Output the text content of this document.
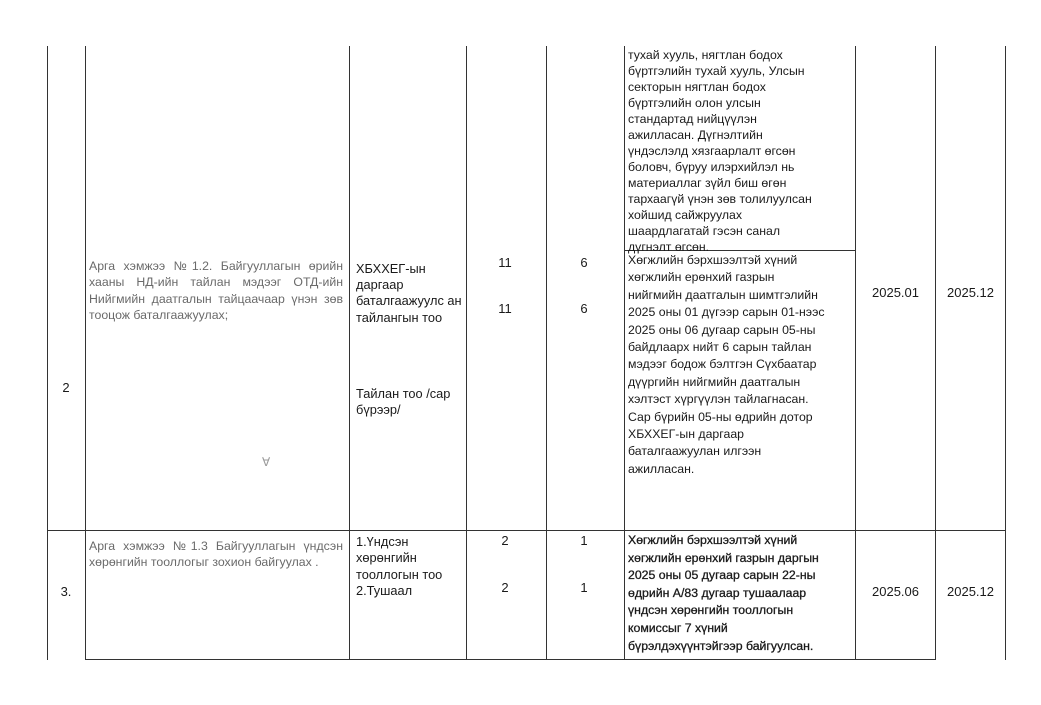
тухай хууль, нягтлан бодох

бүртгэлийн тухай хууль, Улсын

секторын нягтлан бодох

бүртгэлийн олон улсын

стандартад нийцүүлэн

ажилласан. Дүгнэлтийн

үндэслэлд хязгаарлалт өгсөн

боловч, бүруу илэрхийлэл нь

материаллаг зүйл биш өгөн

тархаагүй үнэн зөв толилуулсан

хойшид сайжруулах

шаардлагатай гэсэн санал

дүгнэлт өгсөн.

2

Арга хэмжээ №1.2. Байгууллагын өрийн хааны НД-ийн тайлан мэдээг ОТД-ийн Нийгмийн даатгалын тайцаачаар үнэн зөв тооцож баталгаажуулах;

ХБХХЕГ-ын даргаар баталгаажуулс ан тайлангын тоо
Тайлан тоо /сар бүрээр/
11
11
6
6

Хөгжлийн бэрхшээлтэй хүний

хөгжлийн ерөнхий газрын

нийгмийн даатгалын шимтгэлийн

2025 оны 01 дүгээр сарын 01-нээс

2025 оны 06 дугаар сарын 05-ны

байдлаарх нийт 6 сарын тайлан

мэдээг бодож бэлтгэн Сүхбаатар

дүүргийн нийгмийн даатгалын

хэлтэст хүргүүлэн тайлагнасан.

Сар бүрийн 05-ны өдрийн дотор

ХБХХЕГ-ын даргаар

баталгаажуулан илгээн

ажилласан.

2025.01	2025.12
∀
3.

Арга хэмжээ №1.3 Байгууллагын үндсэн хөрөнгийн тооллогыг зохион байгуулах .

1.Үндсэн хөрөнгийн тооллогын тоо 2.Тушаал
2
2
1
1

Хөгжлийн бэрхшээлтэй хүний

хөгжлийн ерөнхий газрын даргын

2025 оны 05 дугаар сарын 22-ны

өдрийн А/83 дугаар тушаалаар

үндсэн хөрөнгийн тооллогын

комиссыг 7 хүний

бүрэлдэхүүнтэйгээр байгуулсан.

2025.06	2025.12
